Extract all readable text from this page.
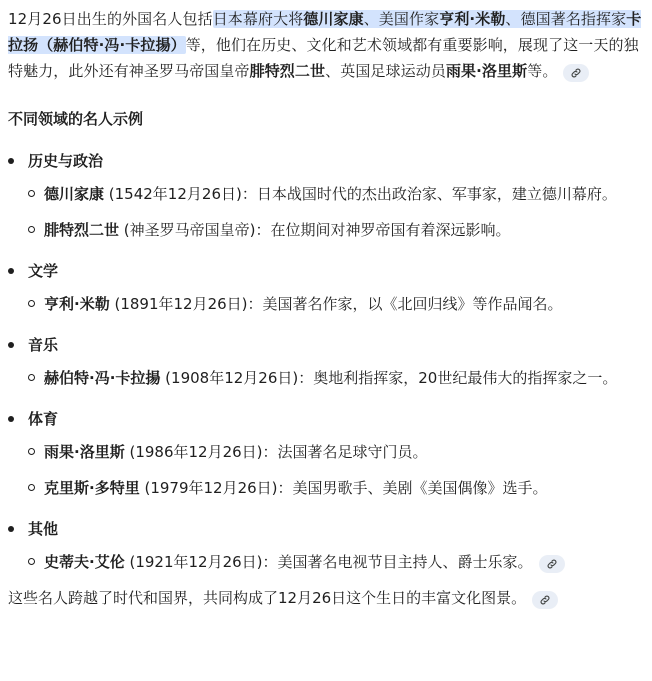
12月26日出生的外国名人包括日本幕府大将德川家康、美国作家亨利·米勒、德国著名指挥家卡拉扬（赫伯特·冯·卡拉揚）等，他们在历史、文化和艺术领域都有重要影响，展现了这一天的独特魅力，此外还有神圣罗马帝国皇帝腓特烈二世、英国足球运动员雨果·洛里斯等。

不同领域的名人示例
历史与政治
德川家康 (1542年12月26日)：日本战国时代的杰出政治家、军事家，建立德川幕府。
腓特烈二世 (神圣罗马帝国皇帝)：在位期间对神罗帝国有着深远影响。
文学
亨利·米勒 (1891年12月26日)：美国著名作家，以《北回归线》等作品闻名。
音乐
赫伯特·冯·卡拉揚 (1908年12月26日)：奥地利指挥家，20世纪最伟大的指挥家之一。
体育
雨果·洛里斯 (1986年12月26日)：法国著名足球守门员。
克里斯·多特里 (1979年12月26日)：美国男歌手、美剧《美国偶像》选手。
其他
史蒂夫·艾伦 (1921年12月26日)：美国著名电视节目主持人、爵士乐家。

这些名人跨越了时代和国界，共同构成了12月26日这个生日的丰富文化图景。
